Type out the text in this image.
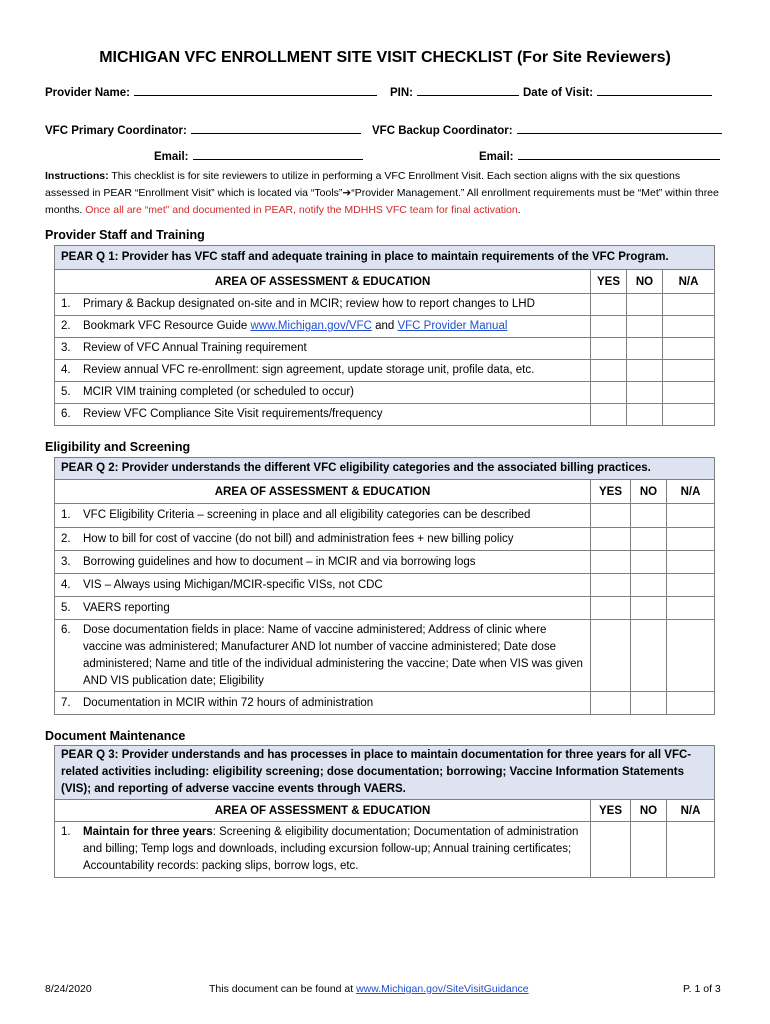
MICHIGAN VFC ENROLLMENT SITE VISIT CHECKLIST (For Site Reviewers)
Provider Name:	PIN:	Date of Visit:
VFC Primary Coordinator:	VFC Backup Coordinator:
Email:	Email:
Instructions: This checklist is for site reviewers to utilize in performing a VFC Enrollment Visit. Each section aligns with the six questions assessed in PEAR “Enrollment Visit” which is located via “Tools”➔“Provider Management.” All enrollment requirements must be “Met” within three months. Once all are “met” and documented in PEAR, notify the MDHHS VFC team for final activation.
Provider Staff and Training
PEAR Q 1: Provider has VFC staff and adequate training in place to maintain requirements of the VFC Program.			
AREA OF ASSESSMENT & EDUCATION	YES	NO	N/A

1. Primary & Backup designated on-site and in MCIR; review how to report changes to LHD			

2. Bookmark VFC Resource Guide www.Michigan.gov/VFC and VFC Provider Manual			

3. Review of VFC Annual Training requirement			

4. Review annual VFC re-enrollment: sign agreement, update storage unit, profile data, etc.			

5. MCIR VIM training completed (or scheduled to occur)			

6. Review VFC Compliance Site Visit requirements/frequency			

Eligibility and Screening
PEAR Q 2: Provider understands the different VFC eligibility categories and the associated billing practices.			
AREA OF ASSESSMENT & EDUCATION	YES	NO	N/A

1. VFC Eligibility Criteria – screening in place and all eligibility categories can be described			

2. How to bill for cost of vaccine (do not bill) and administration fees + new billing policy			

3. Borrowing guidelines and how to document – in MCIR and via borrowing logs			

4. VIS – Always using Michigan/MCIR-specific VISs, not CDC			

5. VAERS reporting			

6. Dose documentation fields in place: Name of vaccine administered; Address of clinic where vaccine was administered; Manufacturer AND lot number of vaccine administered; Date dose administered; Name and title of the individual administering the vaccine; Date when VIS was given AND VIS publication date; Eligibility			

7. Documentation in MCIR within 72 hours of administration			

Document Maintenance
PEAR Q 3: Provider understands and has processes in place to maintain documentation for three years for all VFC-related activities including: eligibility screening; dose documentation; borrowing; Vaccine Information Statements (VIS); and reporting of adverse vaccine events through VAERS.			
AREA OF ASSESSMENT & EDUCATION	YES	NO	N/A

1. Maintain for three years: Screening & eligibility documentation; Documentation of administration and billing; Temp logs and downloads, including excursion follow-up; Annual training certificates; Accountability records: packing slips, borrow logs, etc.			

8/24/2020	This document can be found at www.Michigan.gov/SiteVisitGuidance	P. 1 of 3
